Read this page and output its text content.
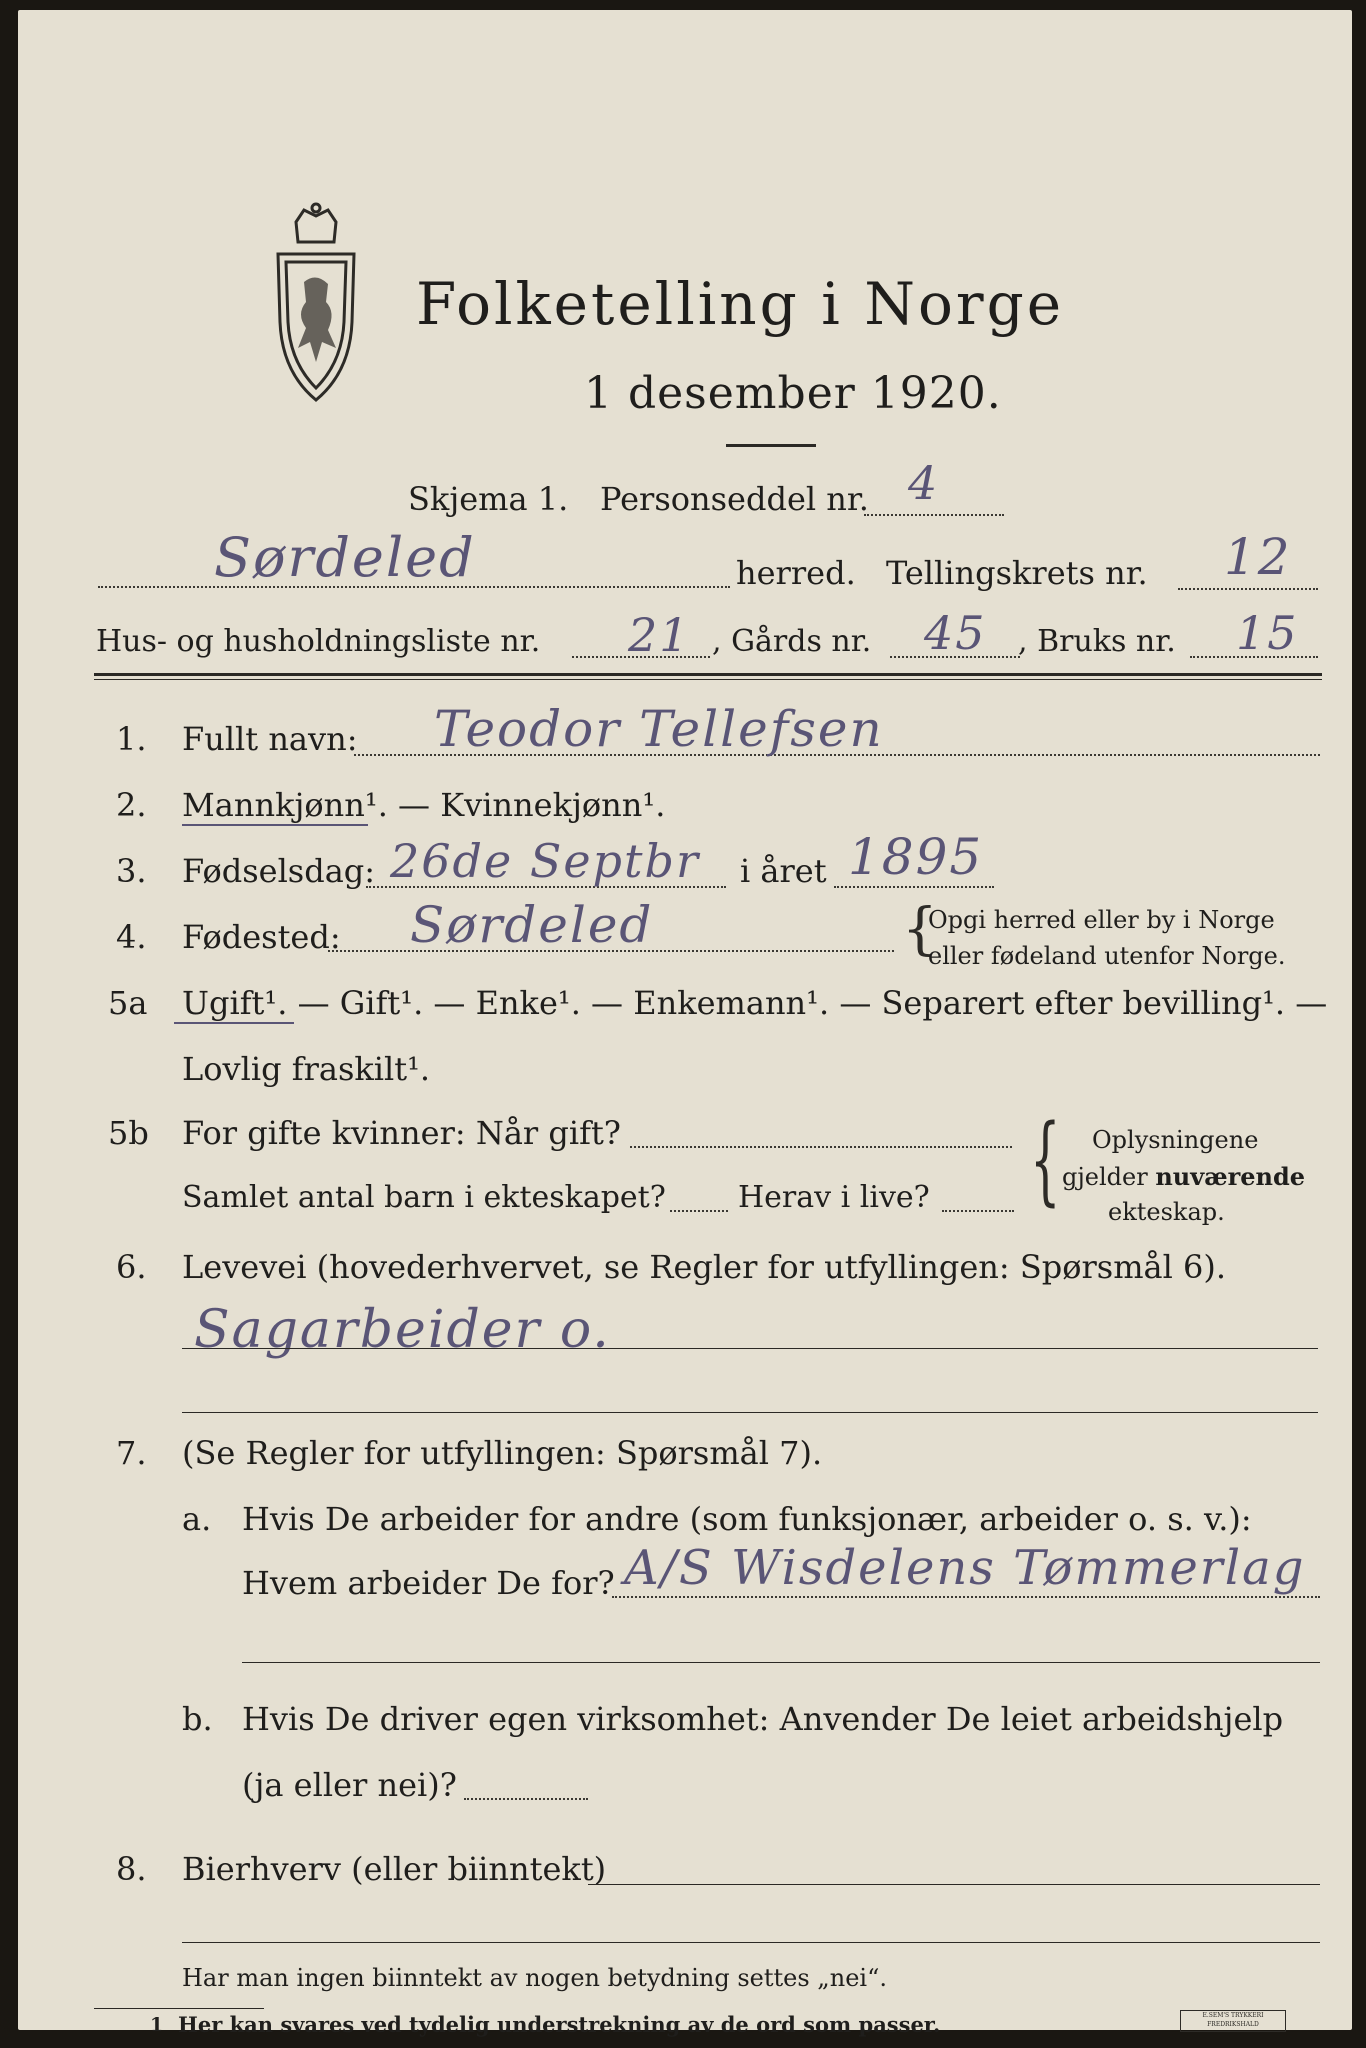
Folketelling i Norge
1 desember 1920.
Skjema 1. Personseddel nr. 4
Sørdeled	herred. Tellingskrets nr. 12
Hus- og husholdningsliste nr. 21 , Gårds nr. 45 , Bruks nr. 15
1. Fullt navn: Teodor Tellefsen
2. Mannkjønn¹. — Kvinnekjønn¹.
3. Fødselsdag: 26de Septbr i året 1895
4. Fødested: Sørdeled	{
Opgi herred eller by i Norge
eller fødeland utenfor Norge.
5a Ugift¹. — Gift¹. — Enke¹. — Enkemann¹. — Separert efter bevilling¹. —
Lovlig fraskilt¹.
5b For gifte kvinner: Når gift?
Samlet antal barn i ekteskapet? Herav i live? { Oplysningene
gjelder nuværende
ekteskap.
6. Levevei (hovederhvervet, se Regler for utfyllingen: Spørsmål 6).
Sagarbeider o.
7. (Se Regler for utfyllingen: Spørsmål 7).
a. Hvis De arbeider for andre (som funksjonær, arbeider o. s. v.):
Hvem arbeider De for? A/S Wisdelens Tømmerlag
b. Hvis De driver egen virksomhet: Anvender De leiet arbeidshjelp
(ja eller nei)?
8. Bierhverv (eller biinntekt)
Har man ingen biinntekt av nogen betydning settes „nei“.
1 Her kan svares ved tydelig understrekning av de ord som passer.	E.SEM'S TRYKKERI
FREDRIKSHALD
